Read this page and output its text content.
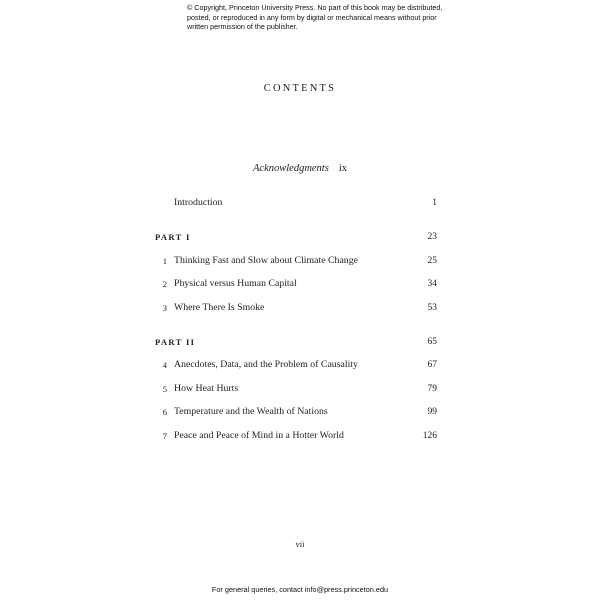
© Copyright, Princeton University Press. No part of this book may be distributed, posted, or reproduced in any form by digital or mechanical means without prior written permission of the publisher.
CONTENTS
Acknowledgments ix
Introduction	1
PART I	23
1 Thinking Fast and Slow about Climate Change	25
2 Physical versus Human Capital	34
3 Where There Is Smoke	53
PART II	65
4 Anecdotes, Data, and the Problem of Causality	67
5 How Heat Hurts	79
6 Temperature and the Wealth of Nations	99
7 Peace and Peace of Mind in a Hotter World	126
vii
For general queries, contact info@press.princeton.edu
